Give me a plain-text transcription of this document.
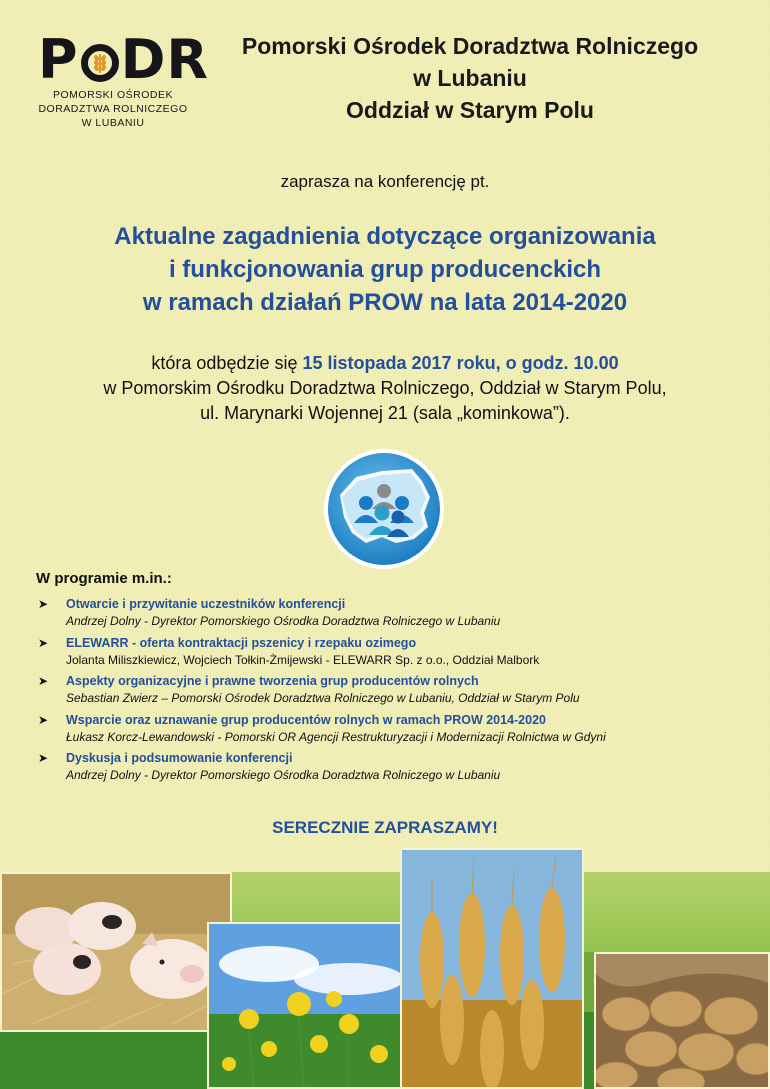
P DR
POMORSKI OŚRODEK
DORADZTWA ROLNICZEGO
W LUBANIU
Pomorski Ośrodek Doradztwa Rolniczego
w Lubaniu
Oddział w Starym Polu
zaprasza na konferencję pt.
Aktualne zagadnienia dotyczące organizowania
i funkcjonowania grup producenckich
w ramach działań PROW na lata 2014-2020
która odbędzie się 15 listopada 2017 roku, o godz. 10.00
w Pomorskim Ośrodku Doradztwa Rolniczego, Oddział w Starym Polu,
ul. Marynarki Wojennej 21 (sala „kominkowa”).
W programie m.in.:
➤ Otwarcie i przywitanie uczestników konferencji
Andrzej Dolny - Dyrektor Pomorskiego Ośrodka Doradztwa Rolniczego w Lubaniu
➤ ELEWARR - oferta kontraktacji pszenicy i rzepaku ozimego
Jolanta Miliszkiewicz, Wojciech Tołkin-Żmijewski - ELEWARR Sp. z o.o., Oddział Malbork
➤ Aspekty organizacyjne i prawne tworzenia grup producentów rolnych
Sebastian Zwierz – Pomorski Ośrodek Doradztwa Rolniczego w Lubaniu, Oddział w Starym Polu
➤ Wsparcie oraz uznawanie grup producentów rolnych w ramach PROW 2014-2020
Łukasz Korcz-Lewandowski - Pomorski OR Agencji Restrukturyzacji i Modernizacji Rolnictwa w Gdyni
➤ Dyskusja i podsumowanie konferencji
Andrzej Dolny - Dyrektor Pomorskiego Ośrodka Doradztwa Rolniczego w Lubaniu
SERECZNIE ZAPRASZAMY!
